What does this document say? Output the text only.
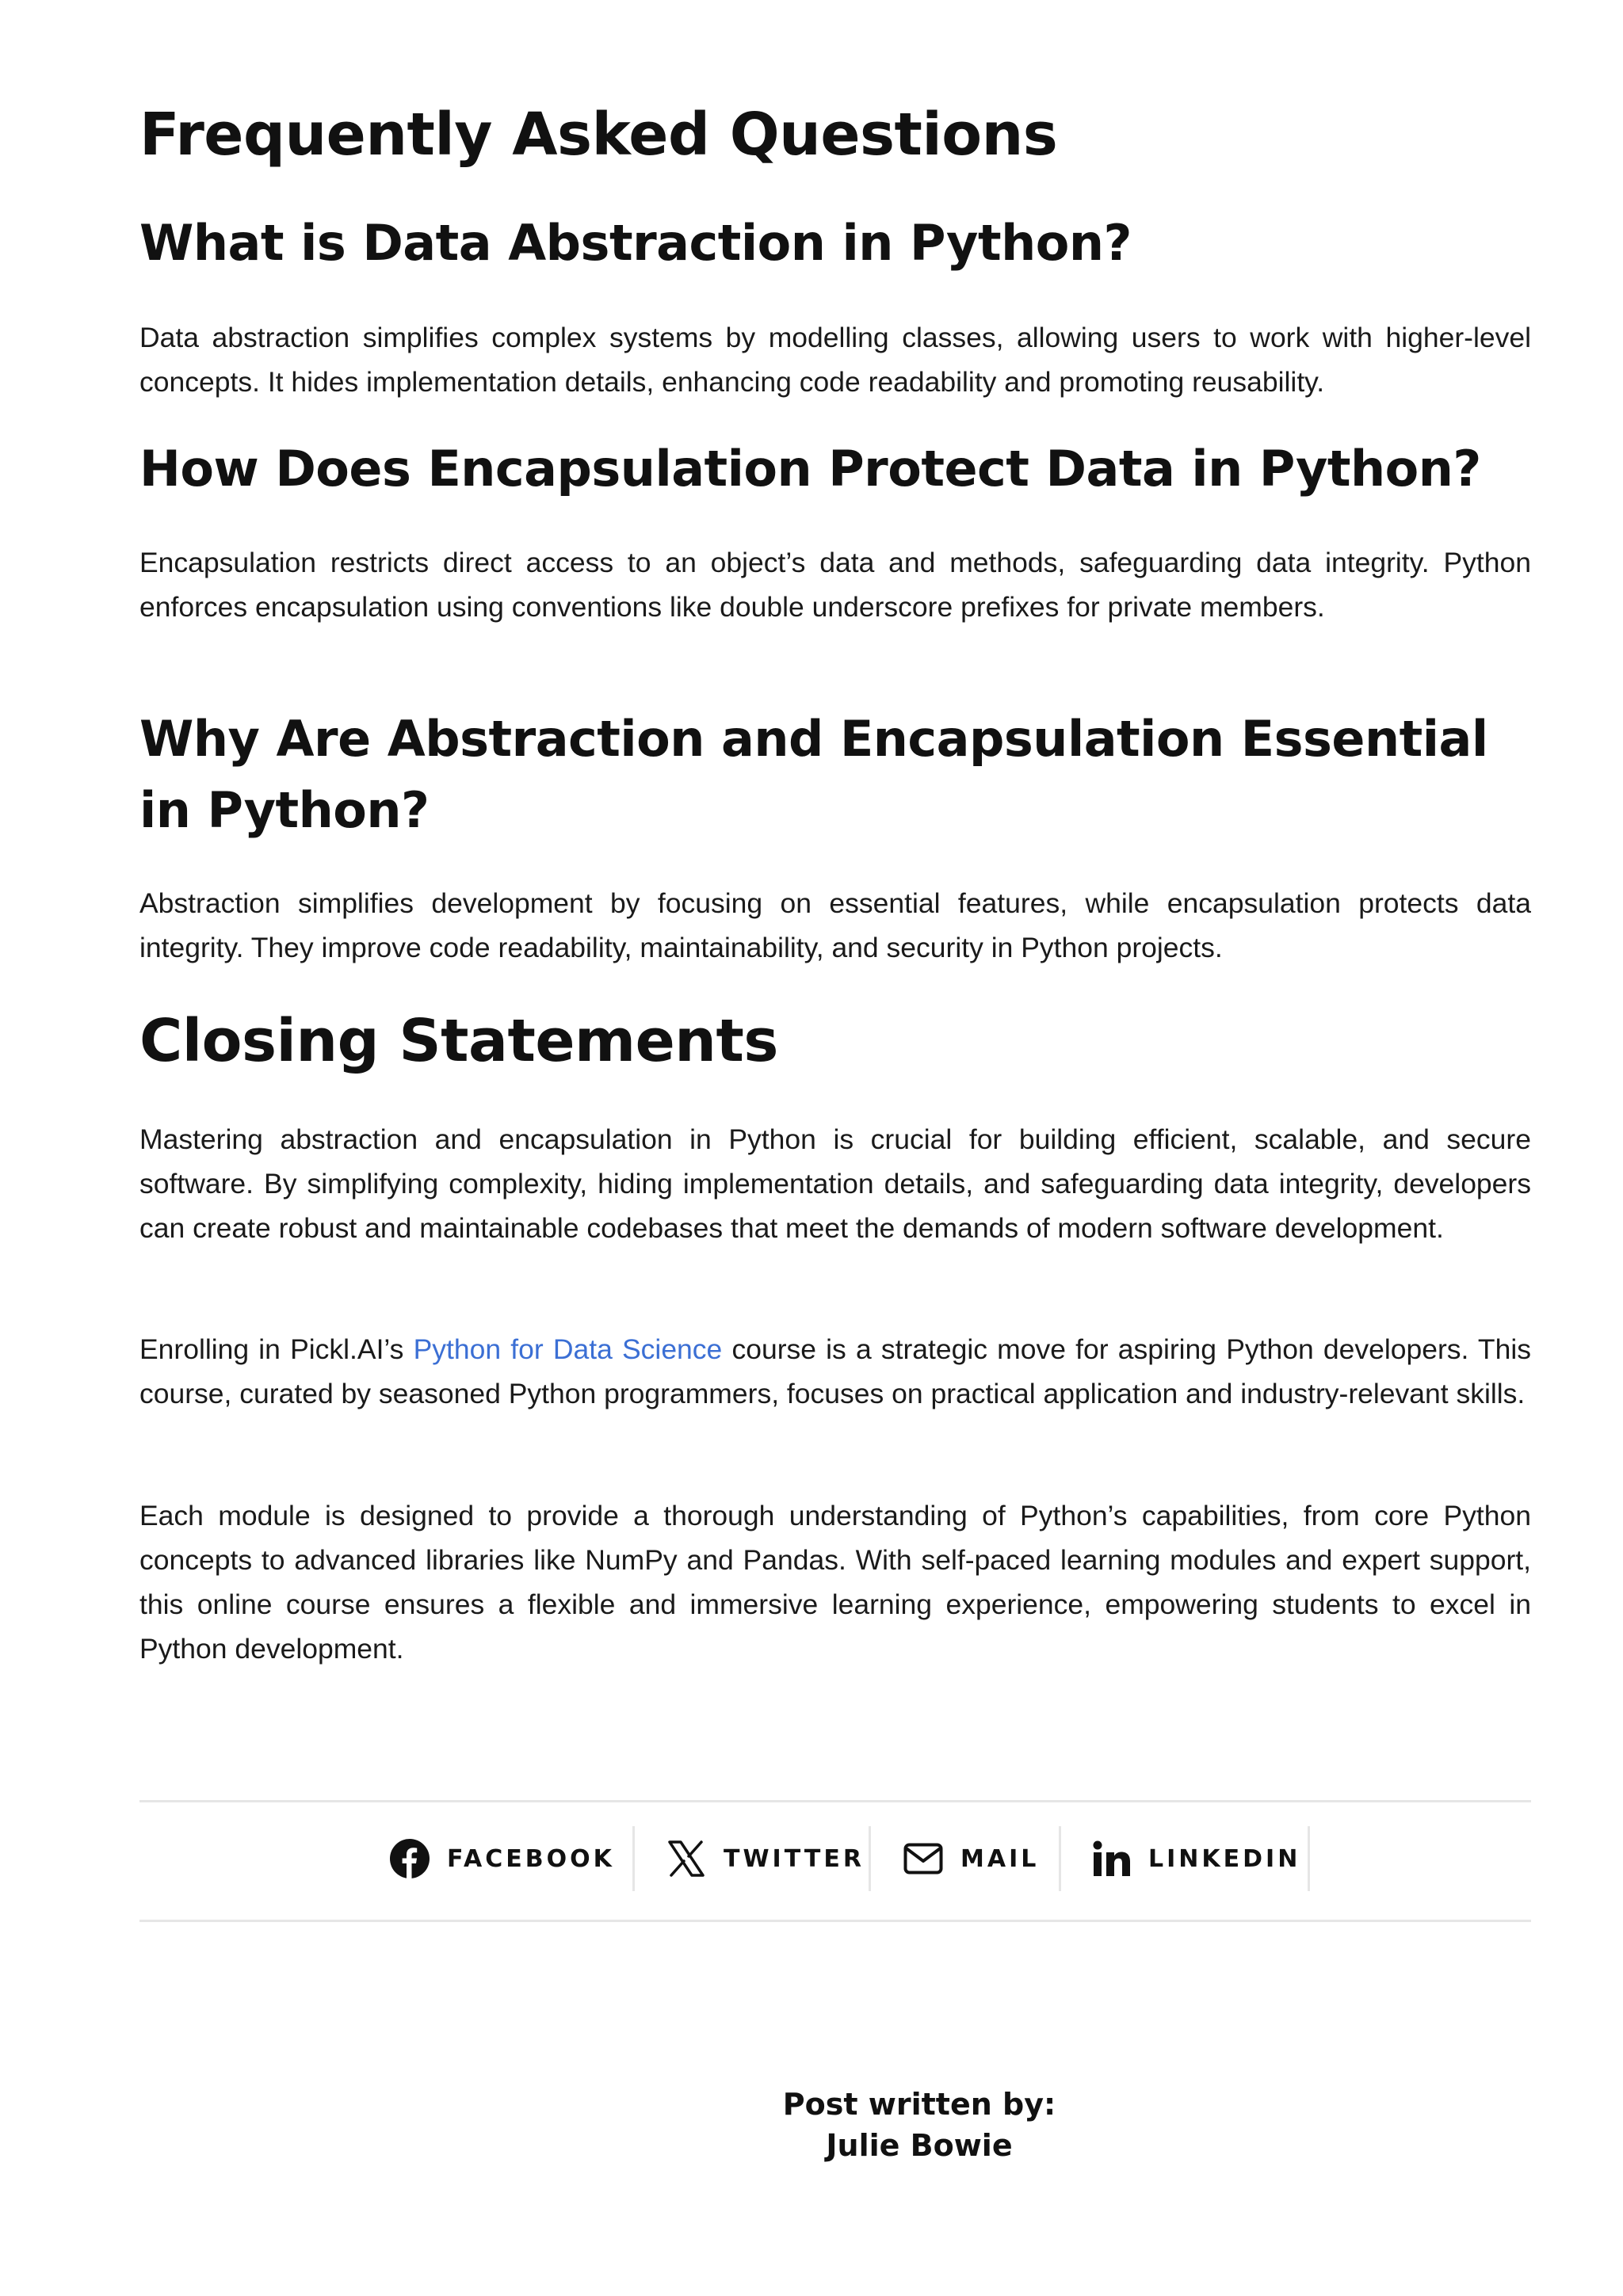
Frequently Asked Questions
What is Data Abstraction in Python?

Data abstraction simplifies complex systems by modelling classes, allowing users to work with higher-level concepts. It hides implementation details, enhancing code readability and promoting reusability.

How Does Encapsulation Protect Data in Python?

Encapsulation restricts direct access to an object’s data and methods, safeguarding data integrity. Python enforces encapsulation using conventions like double underscore prefixes for private members.

Why Are Abstraction and Encapsulation Essential in Python?

Abstraction simplifies development by focusing on essential features, while encapsulation protects data integrity. They improve code readability, maintainability, and security in Python projects.

Closing Statements

Mastering abstraction and encapsulation in Python is crucial for building efficient, scalable, and secure software. By simplifying complexity, hiding implementation details, and safeguarding data integrity, developers can create robust and maintainable codebases that meet the demands of modern software development.

Enrolling in Pickl.AI’s Python for Data Science course is a strategic move for aspiring Python developers. This course, curated by seasoned Python programmers, focuses on practical application and industry-relevant skills.

Each module is designed to provide a thorough understanding of Python’s capabilities, from core Python concepts to advanced libraries like NumPy and Pandas. With self-paced learning modules and expert support, this online course ensures a flexible and immersive learning experience, empowering students to excel in Python development.

FACEBOOK	TWITTER	MAIL	LINKEDIN
Post written by:
Julie Bowie
